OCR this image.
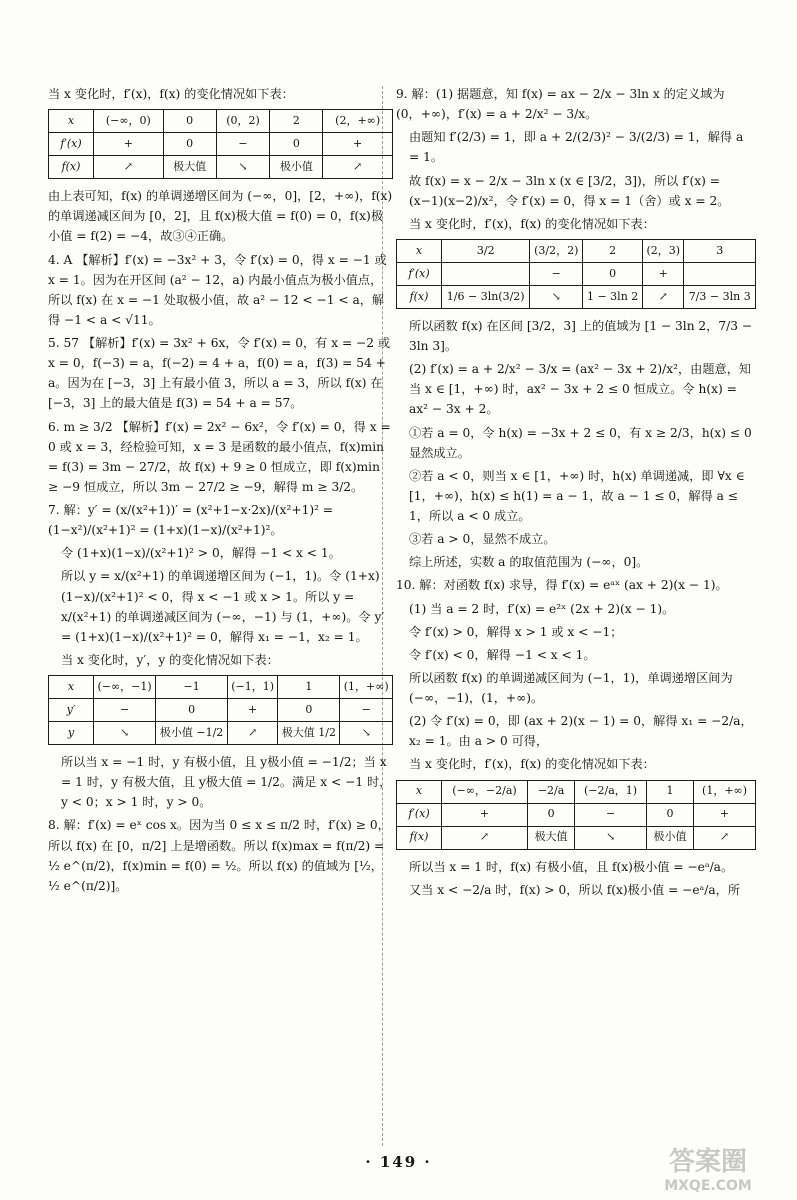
当 x 变化时，f′(x)，f(x) 的变化情况如下表：

x	(−∞，0)	0	(0，2)	2	(2，+∞)
f′(x)	+	0	−	0	+
f(x)	↗	极大值	↘	极小值	↗

由上表可知，f(x) 的单调递增区间为 (−∞，0]，[2，+∞)，f(x) 的单调递减区间为 [0，2]，且 f(x)极大值 = f(0) = 0，f(x)极小值 = f(2) = −4，故③④正确。

4. A 【解析】f′(x) = −3x² + 3，令 f′(x) = 0，得 x = −1 或 x = 1。因为在开区间 (a² − 12，a) 内最小值点为极小值点，所以 f(x) 在 x = −1 处取极小值，故 a² − 12 < −1 < a，解得 −1 < a < √11。

5. 57 【解析】f′(x) = 3x² + 6x，令 f′(x) = 0，有 x = −2 或 x = 0，f(−3) = a，f(−2) = 4 + a，f(0) = a，f(3) = 54 + a。因为在 [−3，3] 上有最小值 3，所以 a = 3，所以 f(x) 在 [−3，3] 上的最大值是 f(3) = 54 + a = 57。

6. m ≥ 3/2 【解析】f′(x) = 2x² − 6x²，令 f′(x) = 0，得 x = 0 或 x = 3，经检验可知，x = 3 是函数的最小值点，f(x)min = f(3) = 3m − 27/2，故 f(x) + 9 ≥ 0 恒成立，即 f(x)min ≥ −9 恒成立，所以 3m − 27/2 ≥ −9，解得 m ≥ 3/2。

7. 解：y′ = (x/(x²+1))′ = (x²+1−x·2x)/(x²+1)² = (1−x²)/(x²+1)² = (1+x)(1−x)/(x²+1)²。

令 (1+x)(1−x)/(x²+1)² > 0，解得 −1 < x < 1。

所以 y = x/(x²+1) 的单调递增区间为 (−1，1)。令 (1+x)(1−x)/(x²+1)² < 0，得 x < −1 或 x > 1。所以 y = x/(x²+1) 的单调递减区间为 (−∞，−1) 与 (1，+∞)。令 y′ = (1+x)(1−x)/(x²+1)² = 0，解得 x₁ = −1，x₂ = 1。

当 x 变化时，y′，y 的变化情况如下表：

x	(−∞，−1)	−1	(−1，1)	1	(1，+∞)
y′	−	0	+	0	−
y	↘	极小值 −1/2	↗	极大值 1/2	↘

所以当 x = −1 时，y 有极小值，且 y极小值 = −1/2；当 x = 1 时，y 有极大值，且 y极大值 = 1/2。满足 x < −1 时，y < 0；x > 1 时，y > 0。

8. 解：f′(x) = eˣ cos x。因为当 0 ≤ x ≤ π/2 时，f′(x) ≥ 0，所以 f(x) 在 [0，π/2] 上是增函数。所以 f(x)max = f(π/2) = ½ e^(π/2)，f(x)min = f(0) = ½。所以 f(x) 的值域为 [½，½ e^(π/2)]。

9. 解：(1) 据题意，知 f(x) = ax − 2/x − 3ln x 的定义域为 (0，+∞)，f′(x) = a + 2/x² − 3/x。

由题知 f′(2/3) = 1，即 a + 2/(2/3)² − 3/(2/3) = 1，解得 a = 1。

故 f(x) = x − 2/x − 3ln x (x ∈ [3/2，3])，所以 f′(x) = (x−1)(x−2)/x²，令 f′(x) = 0，得 x = 1（舍）或 x = 2。

当 x 变化时，f′(x)，f(x) 的变化情况如下表：

x	3/2	(3/2，2)	2	(2，3)	3
f′(x)		−	0	+	
f(x)	1/6 − 3ln(3/2)	↘	1 − 3ln 2	↗	7/3 − 3ln 3

所以函数 f(x) 在区间 [3/2，3] 上的值域为 [1 − 3ln 2，7/3 − 3ln 3]。

(2) f′(x) = a + 2/x² − 3/x = (ax² − 3x + 2)/x²，由题意，知当 x ∈ [1，+∞) 时，ax² − 3x + 2 ≤ 0 恒成立。令 h(x) = ax² − 3x + 2。

①若 a = 0，令 h(x) = −3x + 2 ≤ 0，有 x ≥ 2/3，h(x) ≤ 0 显然成立。

②若 a < 0，则当 x ∈ [1，+∞) 时，h(x) 单调递减，即 ∀x ∈ [1，+∞)，h(x) ≤ h(1) = a − 1，故 a − 1 ≤ 0，解得 a ≤ 1，所以 a < 0 成立。

③若 a > 0，显然不成立。

综上所述，实数 a 的取值范围为 (−∞，0]。

10. 解：对函数 f(x) 求导，得 f′(x) = eᵃˣ (ax + 2)(x − 1)。

(1) 当 a = 2 时，f′(x) = e²ˣ (2x + 2)(x − 1)。

令 f′(x) > 0，解得 x > 1 或 x < −1；

令 f′(x) < 0，解得 −1 < x < 1。

所以函数 f(x) 的单调递减区间为 (−1，1)，单调递增区间为 (−∞，−1)，(1，+∞)。

(2) 令 f′(x) = 0，即 (ax + 2)(x − 1) = 0，解得 x₁ = −2/a，x₂ = 1。由 a > 0 可得，

当 x 变化时，f′(x)，f(x) 的变化情况如下表：

x	(−∞，−2/a)	−2/a	(−2/a，1)	1	(1，+∞)
f′(x)	+	0	−	0	+
f(x)	↗	极大值	↘	极小值	↗

所以当 x = 1 时，f(x) 有极小值，且 f(x)极小值 = −eᵃ/a。

又当 x < −2/a 时，f(x) > 0，所以 f(x)极小值 = −eᵃ/a，所

· 149 ·	答案圈
MXQE.COM
